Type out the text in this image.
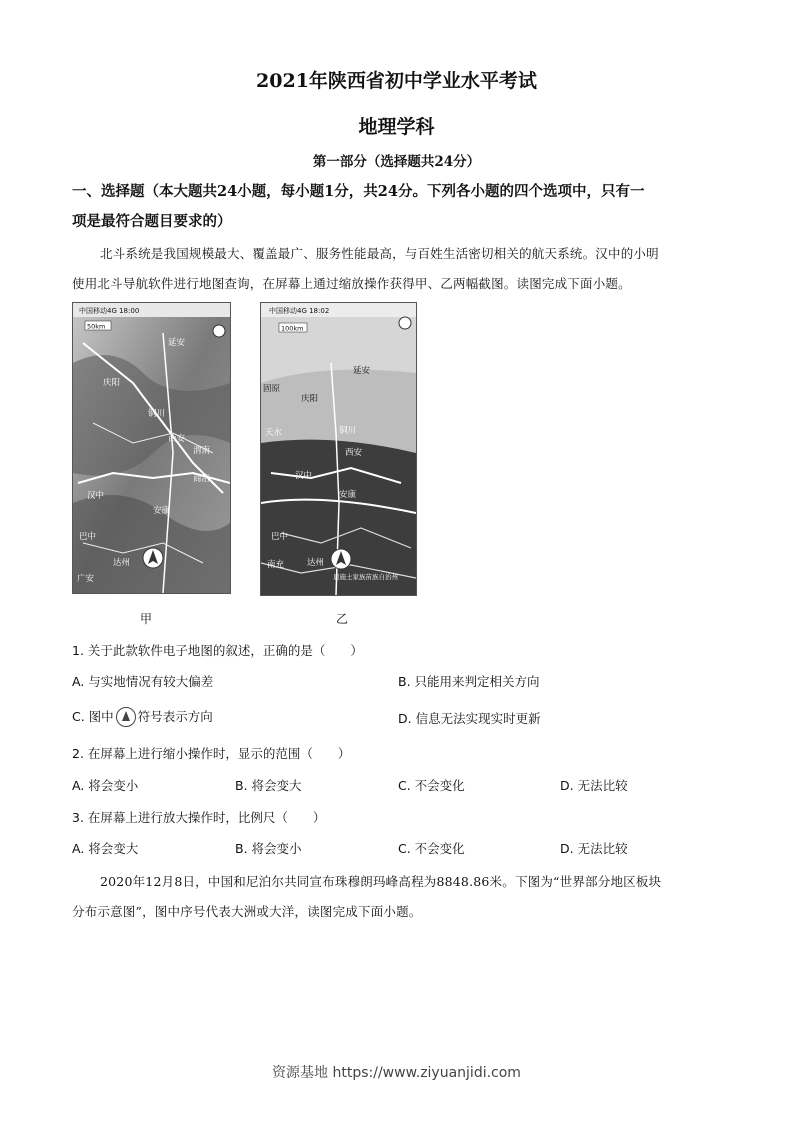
2021年陕西省初中学业水平考试
地理学科
第一部分（选择题共24分）
一、选择题（本大题共24小题，每小题1分，共24分。下列各小题的四个选项中，只有一
项是最符合题目要求的）
北斗系统是我国规模最大、覆盖最广、服务性能最高，与百姓生活密切相关的航天系统。汉中的小明
使用北斗导航软件进行地图查询，在屏幕上通过缩放操作获得甲、乙两幅截图。读图完成下面小题。
中国移动4G 18:00
50km
延安
庆阳
铜川
西安
渭南
汉中
安康
巴中
达州
广安
商洛
甲
中国移动4G 18:02
100km
延安
固原
庆阳
天水	铜川
西安
汉中
安康
巴中
达州
南充
恩施土家族苗族自治州
乙
1. 关于此款软件电子地图的叙述，正确的是（　　）
A. 与实地情况有较大偏差	B. 只能用来判定相关方向
C. 图中 符号表示方向	D. 信息无法实现实时更新
2. 在屏幕上进行缩小操作时，显示的范围（　　）
A. 将会变小	B. 将会变大	C. 不会变化	D. 无法比较
3. 在屏幕上进行放大操作时，比例尺（　　）
A. 将会变大	B. 将会变小	C. 不会变化	D. 无法比较
2020年12月8日，中国和尼泊尔共同宣布珠穆朗玛峰高程为8848.86米。下图为“世界部分地区板块
分布示意图”，图中序号代表大洲或大洋，读图完成下面小题。
资源基地 https://www.ziyuanjidi.com
